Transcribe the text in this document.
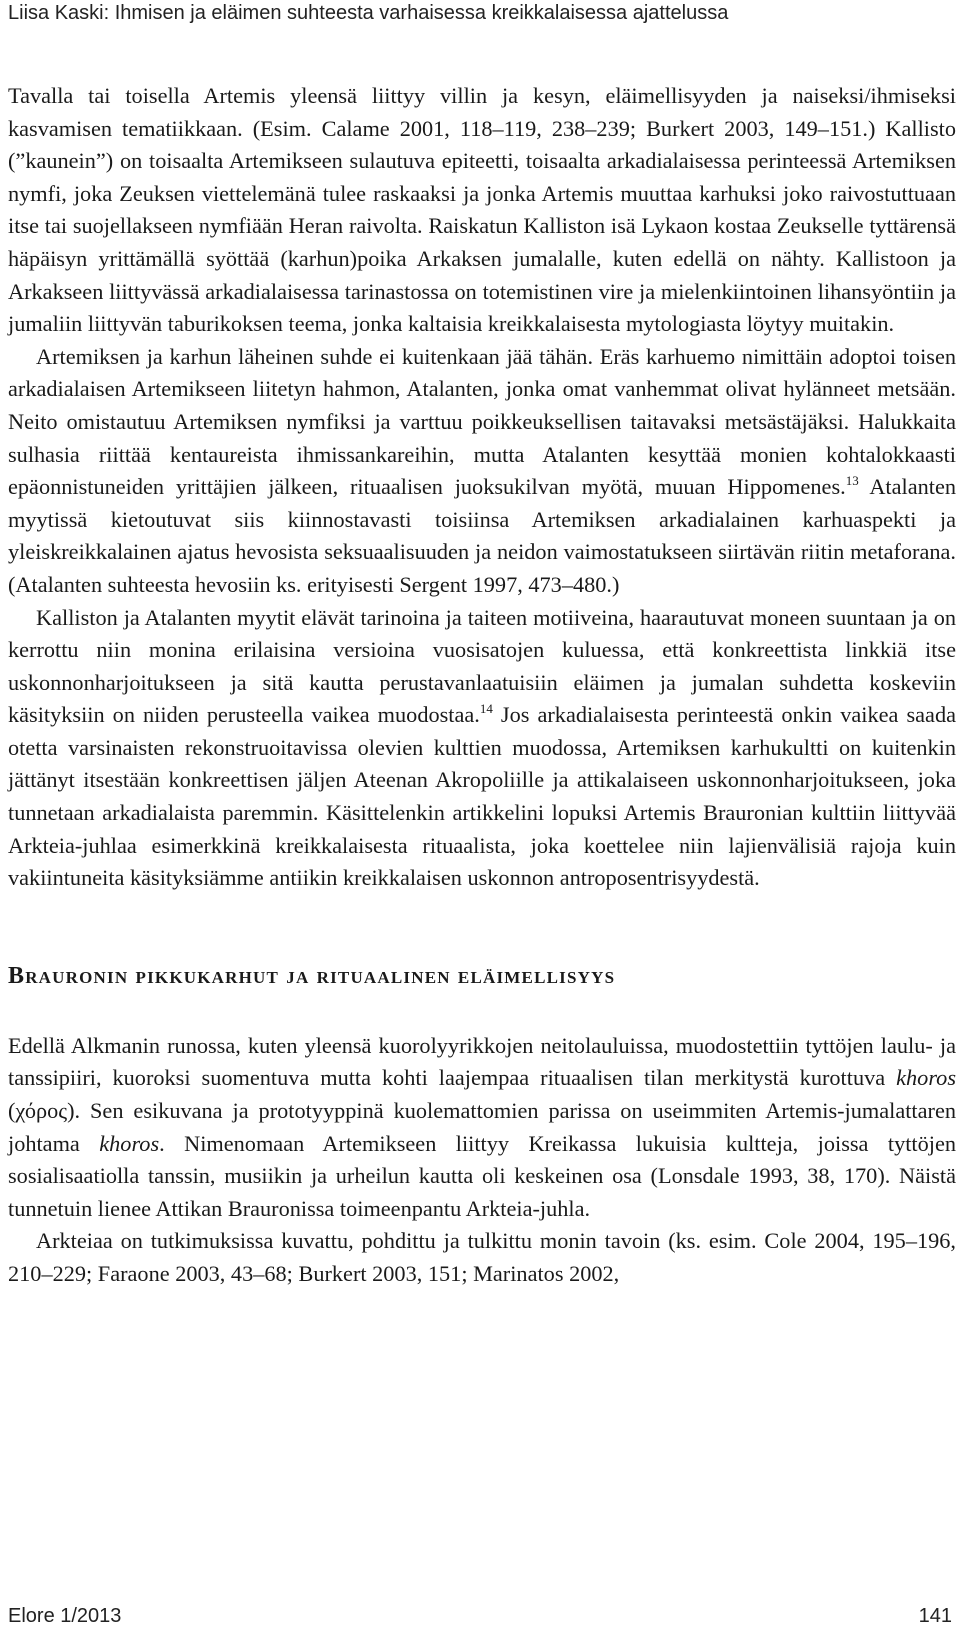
Liisa Kaski: Ihmisen ja eläimen suhteesta varhaisessa kreikkalaisessa ajattelussa

Tavalla tai toisella Artemis yleensä liittyy villin ja kesyn, eläimellisyyden ja naiseksi/ihmiseksi kasvamisen tematiikkaan. (Esim. Calame 2001, 118–119, 238–239; Burkert 2003, 149–151.) Kallisto (”kaunein”) on toisaalta Artemikseen sulautuva epiteetti, toisaalta arkadialaisessa perinteessä Artemiksen nymfi, joka Zeuksen viettelemänä tulee raskaaksi ja jonka Artemis muuttaa karhuksi joko raivostuttuaan itse tai suojellakseen nymfiään Heran raivolta. Raiskatun Kalliston isä Lykaon kostaa Zeukselle tyttärensä häpäisyn yrittämällä syöttää (karhun)poika Arkaksen jumalalle, kuten edellä on nähty. Kallistoon ja Arkakseen liittyvässä arkadialaisessa tarinastossa on totemistinen vire ja mielenkiintoinen lihansyöntiin ja jumaliin liittyvän taburikoksen teema, jonka kaltaisia kreikkalaisesta mytologiasta löytyy muitakin.

Artemiksen ja karhun läheinen suhde ei kuitenkaan jää tähän. Eräs karhuemo nimittäin adoptoi toisen arkadialaisen Artemikseen liitetyn hahmon, Atalanten, jonka omat vanhemmat olivat hylänneet metsään. Neito omistautuu Artemiksen nymfiksi ja varttuu poikkeuksellisen taitavaksi metsästäjäksi. Halukkaita sulhasia riittää kentaureista ihmissankareihin, mutta Atalanten kesyttää monien kohtalokkaasti epäonnistuneiden yrittäjien jälkeen, rituaalisen juoksukilvan myötä, muuan Hippomenes.$^{13}$ Atalanten myytissä kietoutuvat siis kiinnostavasti toisiinsa Artemiksen arkadialainen karhuaspekti ja yleiskreikkalainen ajatus hevosista seksuaalisuuden ja neidon vaimostatukseen siirtävän riitin metaforana. (Atalanten suhteesta hevosiin ks. erityisesti Sergent 1997, 473–480.)

Kalliston ja Atalanten myytit elävät tarinoina ja taiteen motiiveina, haarautuvat moneen suuntaan ja on kerrottu niin monina erilaisina versioina vuosisatojen kuluessa, että konkreettista linkkiä itse uskonnonharjoitukseen ja sitä kautta perustavanlaatuisiin eläimen ja jumalan suhdetta koskeviin käsityksiin on niiden perusteella vaikea muodostaa.$^{14}$ Jos arkadialaisesta perinteestä onkin vaikea saada otetta varsinaisten rekonstruoitavissa olevien kulttien muodossa, Artemiksen karhukultti on kuitenkin jättänyt itsestään konkreettisen jäljen Ateenan Akropoliille ja attikalaiseen uskonnonharjoitukseen, joka tunnetaan arkadialaista paremmin. Käsittelenkin artikkelini lopuksi Artemis Brauronian kulttiin liittyvää Arkteia-juhlaa esimerkkinä kreikkalaisesta rituaalista, joka koettelee niin lajienvälisiä rajoja kuin vakiintuneita käsityksiämme antiikin kreikkalaisen uskonnon antroposentrisyydestä.

Brauronin pikkukarhut ja rituaalinen eläimellisyys

Edellä Alkmanin runossa, kuten yleensä kuorolyyrikkojen neitolauluissa, muodostettiin tyttöjen laulu- ja tanssipiiri, kuoroksi suomentuva mutta kohti laajempaa rituaalisen tilan merkitystä kurottuva khoros (χόρος). Sen esikuvana ja prototyyppinä kuolemattomien parissa on useimmiten Artemis-jumalattaren johtama khoros. Nimenomaan Artemikseen liittyy Kreikassa lukuisia kultteja, joissa tyttöjen sosialisaatiolla tanssin, musiikin ja urheilun kautta oli keskeinen osa (Lonsdale 1993, 38, 170). Näistä tunnetuin lienee Attikan Brauronissa toimeenpantu Arkteia-juhla.

Arkteiaa on tutkimuksissa kuvattu, pohdittu ja tulkittu monin tavoin (ks. esim. Cole 2004, 195–196, 210–229; Faraone 2003, 43–68; Burkert 2003, 151; Marinatos 2002,

Elore 1/2013	141
